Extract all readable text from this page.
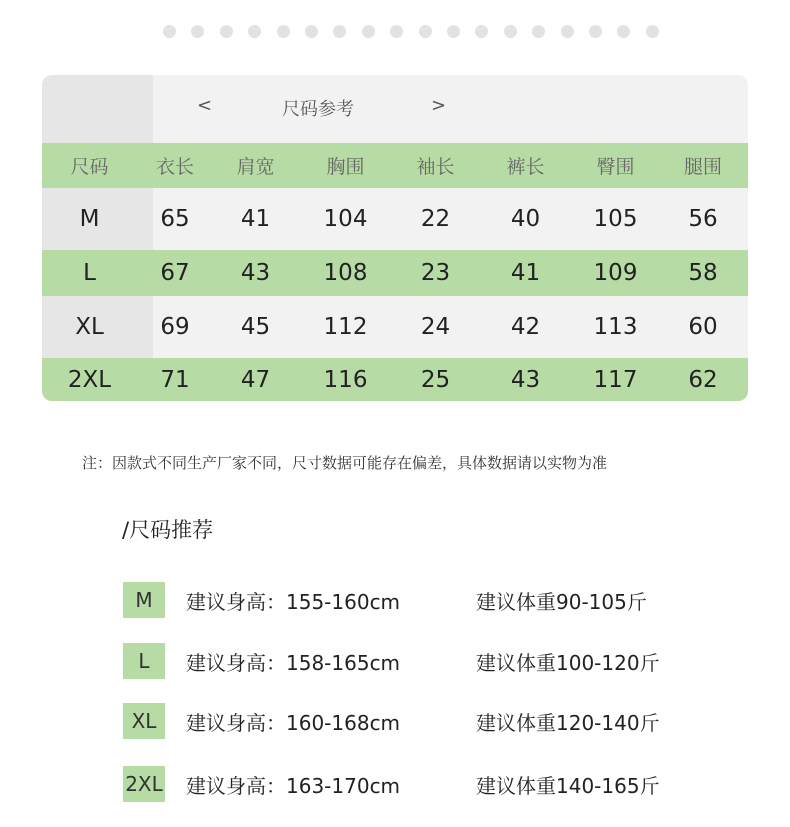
<	尺码参考	>
尺码	衣长	肩宽	胸围	袖长	裤长	臀围	腿围
M	65	41	104	22	40	105	56
L	67	43	108	23	41	109	58
XL	69	45	112	24	42	113	60
2XL	71	47	116	25	43	117	62
注：因款式不同生产厂家不同，尺寸数据可能存在偏差，具体数据请以实物为准
/尺码推荐
M	建议身高：155-160cm	建议体重90-105斤
L	建议身高：158-165cm	建议体重100-120斤
XL	建议身高：160-168cm	建议体重120-140斤
2XL 建议身高：163-170cm	建议体重140-165斤
